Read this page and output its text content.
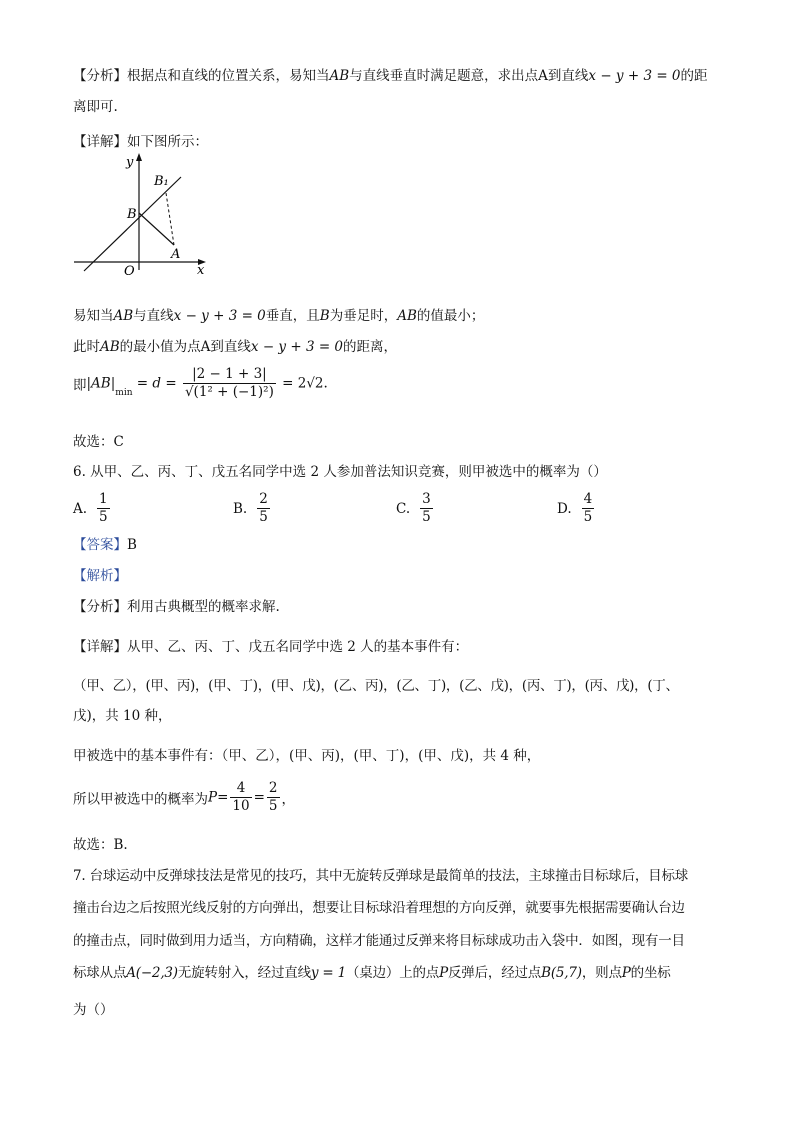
【分析】根据点和直线的位置关系，易知当AB与直线垂直时满足题意，求出点A到直线x − y + 3 = 0的距
离即可.
【详解】如下图所示：
y
x
O
B
B₁
A
易知当AB与直线x − y + 3 = 0垂直，且B为垂足时，AB的值最小；
此时AB的最小值为点A到直线x − y + 3 = 0的距离，
即$|AB|_{min} = d = \frac{|2 - 1 + 3|}{\text{√(1² + (−1)²)}} = 2√2$.
故选：C
6. 从甲、乙、丙、丁、戊五名同学中选 2 人参加普法知识竞赛，则甲被选中的概率为（）
A. $\frac{1}{5}$	B. $\frac{2}{5}$	C. $\frac{3}{5}$	D. $\frac{4}{5}$
【答案】B
【解析】
【分析】利用古典概型的概率求解.
【详解】从甲、乙、丙、丁、戊五名同学中选 2 人的基本事件有：
（甲、乙），(甲、丙)，(甲、丁)，(甲、戊)，(乙、丙)，(乙、丁)，(乙、戊)，(丙、丁)，(丙、戊)，(丁、
戊)，共 10 种，
甲被选中的基本事件有：（甲、乙），(甲、丙)，(甲、丁)，(甲、戊)，共 4 种，
所以甲被选中的概率为$P= \frac{4}{10} = \frac{2}{5}$ ，
故选：B.
7. 台球运动中反弹球技法是常见的技巧，其中无旋转反弹球是最简单的技法，主球撞击目标球后，目标球
撞击台边之后按照光线反射的方向弹出，想要让目标球沿着理想的方向反弹，就要事先根据需要确认台边
的撞击点，同时做到用力适当，方向精确，这样才能通过反弹来将目标球成功击入袋中．如图，现有一目
标球从点A(−2,3)无旋转射入，经过直线y = 1（桌边）上的点P反弹后，经过点B(5,7)，则点P的坐标
为（）
